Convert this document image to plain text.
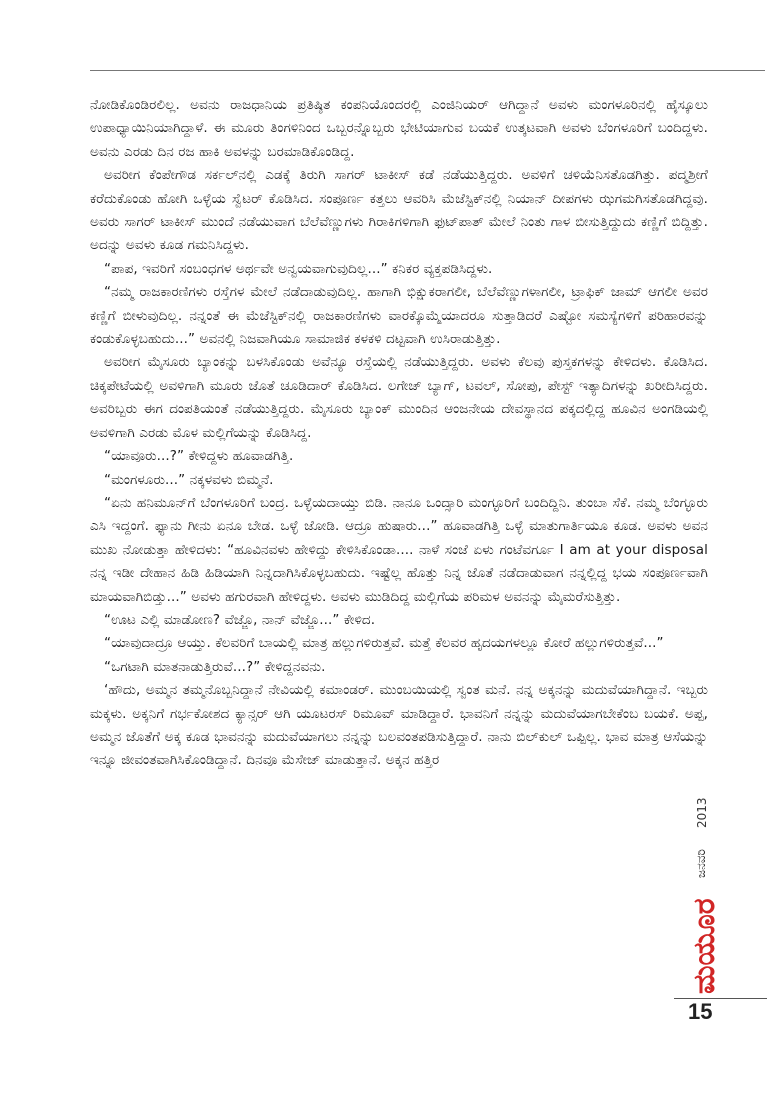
ನೋಡಿಕೊಂಡಿರಲಿಲ್ಲ. ಅವನು ರಾಜಧಾನಿಯ ಪ್ರತಿಷ್ಠಿತ ಕಂಪನಿಯೊಂದರಲ್ಲಿ ಎಂಜಿನಿಯರ್ ಆಗಿದ್ದಾನೆ ಅವಳು ಮಂಗಳೂರಿನಲ್ಲಿ ಹೈಸ್ಕೂಲು ಉಪಾಧ್ಯಾಯಿನಿಯಾಗಿದ್ದಾಳೆ. ಈ ಮೂರು ತಿಂಗಳಿನಿಂದ ಒಬ್ಬರನ್ನೊಬ್ಬರು ಭೇಟಿಯಾಗುವ ಬಯಕೆ ಉತ್ಕಟವಾಗಿ ಅವಳು ಬೆಂಗಳೂರಿಗೆ ಬಂದಿದ್ದಳು. ಅವನು ಎರಡು ದಿನ ರಜ ಹಾಕಿ ಅವಳನ್ನು ಬರಮಾಡಿಕೊಂಡಿದ್ದ.

ಅವರೀಗ ಕೆಂಪೇಗೌಡ ಸರ್ಕಲ್‌ನಲ್ಲಿ ಎಡಕ್ಕೆ ತಿರುಗಿ ಸಾಗರ್ ಟಾಕೀಸ್ ಕಡೆ ನಡೆಯುತ್ತಿದ್ದರು. ಅವಳಿಗೆ ಚಳಿಯೆನಿಸತೊಡಗಿತ್ತು. ಪದ್ಮಶ್ರೀಗೆ ಕರೆದುಕೊಂಡು ಹೋಗಿ ಒಳ್ಳೆಯ ಸ್ವೆಟರ್ ಕೊಡಿಸಿದ. ಸಂಪೂರ್ಣ ಕತ್ತಲು ಆವರಿಸಿ ಮೆಜೆಸ್ಟಿಕ್‌ನಲ್ಲಿ ನಿಯಾನ್ ದೀಪಗಳು ಝಗಮಗಿಸತೊಡಗಿದ್ದವು. ಅವರು ಸಾಗರ್ ಟಾಕೀಸ್ ಮುಂದೆ ನಡೆಯುವಾಗ ಬೆಲೆವೆಣ್ಣುಗಳು ಗಿರಾಕಿಗಳಿಗಾಗಿ ಫುಟ್‌ಪಾತ್ ಮೇಲೆ ನಿಂತು ಗಾಳ ಬೀಸುತ್ತಿದ್ದುದು ಕಣ್ಣಿಗೆ ಬಿದ್ದಿತ್ತು. ಅದನ್ನು ಅವಳು ಕೂಡ ಗಮನಿಸಿದ್ದಳು.

“ಪಾಪ, ಇವರಿಗೆ ಸಂಬಂಧಗಳ ಅರ್ಥವೇ ಅನ್ವಯವಾಗುವುದಿಲ್ಲ...” ಕನಿಕರ ವ್ಯಕ್ತಪಡಿಸಿದ್ದಳು.

“ನಮ್ಮ ರಾಜಕಾರಣಿಗಳು ರಸ್ತೆಗಳ ಮೇಲೆ ನಡೆದಾಡುವುದಿಲ್ಲ. ಹಾಗಾಗಿ ಭಿಕ್ಷುಕರಾಗಲೀ, ಬೆಲೆವೆಣ್ಣುಗಳಾಗಲೀ, ಟ್ರಾಫಿಕ್ ಜಾಮ್ ಆಗಲೀ ಅವರ ಕಣ್ಣಿಗೆ ಬೀಳುವುದಿಲ್ಲ. ನನ್ನಂತೆ ಈ ಮೆಜೆಸ್ಟಿಕ್‌ನಲ್ಲಿ ರಾಜಕಾರಣಿಗಳು ವಾರಕ್ಕೊಮ್ಮೆಯಾದರೂ ಸುತ್ತಾಡಿದರೆ ಎಷ್ಟೋ ಸಮಸ್ಯೆಗಳಿಗೆ ಪರಿಹಾರವನ್ನು ಕಂಡುಕೊಳ್ಳಬಹುದು...” ಅವನಲ್ಲಿ ನಿಜವಾಗಿಯೂ ಸಾಮಾಜಿಕ ಕಳಕಳಿ ದಟ್ಟವಾಗಿ ಉಸಿರಾಡುತ್ತಿತ್ತು.

ಅವರೀಗ ಮೈಸೂರು ಬ್ಯಾಂಕನ್ನು ಬಳಸಿಕೊಂಡು ಅವೆನ್ಯೂ ರಸ್ತೆಯಲ್ಲಿ ನಡೆಯುತ್ತಿದ್ದರು. ಅವಳು ಕೆಲವು ಪುಸ್ತಕಗಳನ್ನು ಕೇಳಿದಳು. ಕೊಡಿಸಿದ. ಚಿಕ್ಕಪೇಟೆಯಲ್ಲಿ ಅವಳಿಗಾಗಿ ಮೂರು ಜೊತೆ ಚೂಡಿದಾರ್ ಕೊಡಿಸಿದ. ಲಗೇಜ್ ಬ್ಯಾಗ್, ಟವಲ್, ಸೋಪು, ಪೇಸ್ಟ್ ಇತ್ಯಾದಿಗಳನ್ನು ಖರೀದಿಸಿದ್ದರು. ಅವರಿಬ್ಬರು ಈಗ ದಂಪತಿಯಂತೆ ನಡೆಯುತ್ತಿದ್ದರು. ಮೈಸೂರು ಬ್ಯಾಂಕ್ ಮುಂದಿನ ಆಂಜನೇಯ ದೇವಸ್ಥಾನದ ಪಕ್ಕದಲ್ಲಿದ್ದ ಹೂವಿನ ಅಂಗಡಿಯಲ್ಲಿ ಅವಳಿಗಾಗಿ ಎರಡು ಮೊಳ ಮಲ್ಲಿಗೆಯನ್ನು ಕೊಡಿಸಿದ್ದ.

“ಯಾವೂರು...?” ಕೇಳಿದ್ದಳು ಹೂವಾಡಗಿತ್ತಿ.

“ಮಂಗಳೂರು...” ನಕ್ಕಳವಳು ಬಿಮ್ಮನೆ.

“ಏನು ಹನಿಮೂನ್‌ಗೆ ಬೆಂಗಳೂರಿಗೆ ಬಂದ್ರ. ಒಳ್ಳೆಯದಾಯ್ತು ಬಿಡಿ. ನಾನೂ ಒಂದ್ಸಾರಿ ಮಂಗ್ಳೂರಿಗೆ ಬಂದಿದ್ದಿನಿ. ತುಂಬಾ ಸೆಕೆ. ನಮ್ಮ ಬೆಂಗ್ಳೂರು ಎಸಿ ಇದ್ದಂಗೆ. ಫ್ಯಾನು ಗೀನು ಏನೂ ಬೇಡ. ಒಳ್ಳೆ ಜೋಡಿ. ಆದ್ರೂ ಹುಷಾರು...” ಹೂವಾಡಗಿತ್ತಿ ಒಳ್ಳೆ ಮಾತುಗಾರ್ತಿಯೂ ಕೂಡ. ಅವಳು ಅವನ ಮುಖ ನೋಡುತ್ತಾ ಹೇಳಿದಳು: “ಹೂವಿನವಳು ಹೇಳಿದ್ದು ಕೇಳಿಸಿಕೊಂಡಾ.... ನಾಳೆ ಸಂಜೆ ಏಳು ಗಂಟೆವರ್ಗೂ I am at your disposal ನನ್ನ ಇಡೀ ದೇಹಾನ ಹಿಡಿ ಹಿಡಿಯಾಗಿ ನಿನ್ನದಾಗಿಸಿಕೊಳ್ಳಬಹುದು. ಇಷ್ಟೆಲ್ಲ ಹೊತ್ತು ನಿನ್ನ ಜೊತೆ ನಡೆದಾಡುವಾಗ ನನ್ನಲ್ಲಿದ್ದ ಭಯ ಸಂಪೂರ್ಣವಾಗಿ ಮಾಯವಾಗಿಬಿಡ್ತು...” ಅವಳು ಹಗುರವಾಗಿ ಹೇಳಿದ್ದಳು. ಅವಳು ಮುಡಿದಿದ್ದ ಮಲ್ಲಿಗೆಯ ಪರಿಮಳ ಅವನನ್ನು ಮೈಮರೆಸುತ್ತಿತ್ತು.

“ಊಟ ಎಲ್ಲಿ ಮಾಡೋಣ? ವೆಜ್ಜೊ, ನಾನ್ ವೆಜ್ಜೊ...” ಕೇಳಿದ.

“ಯಾವುದಾದ್ರೂ ಆಯ್ತು. ಕೆಲವರಿಗೆ ಬಾಯಲ್ಲಿ ಮಾತ್ರ ಹಲ್ಲುಗಳಿರುತ್ತವೆ. ಮತ್ತೆ ಕೆಲವರ ಹೃದಯಗಳಲ್ಲೂ ಕೋರೆ ಹಲ್ಲುಗಳಿರುತ್ತವೆ...”

“ಒಗಟಾಗಿ ಮಾತನಾಡುತ್ತಿರುವೆ...?” ಕೇಳಿದ್ದನವನು.

‘ಹೌದು, ಅಮ್ಮನ ತಮ್ಮನೊಬ್ಬನಿದ್ದಾನೆ ನೇವಿಯಲ್ಲಿ ಕಮಾಂಡರ್. ಮುಂಬಯಿಯಲ್ಲಿ ಸ್ವಂತ ಮನೆ. ನನ್ನ ಅಕ್ಕನನ್ನು ಮದುವೆಯಾಗಿದ್ದಾನೆ. ಇಬ್ಬರು ಮಕ್ಕಳು. ಅಕ್ಕನಿಗೆ ಗರ್ಭಕೋಶದ ಕ್ಯಾನ್ಸರ್ ಆಗಿ ಯೂಟರಸ್ ರಿಮೂವ್ ಮಾಡಿದ್ದಾರೆ. ಭಾವನಿಗೆ ನನ್ನನ್ನು ಮದುವೆಯಾಗಬೇಕೆಂಬ ಬಯಕೆ. ಅಪ್ಪ, ಅಮ್ಮನ ಜೊತೆಗೆ ಅಕ್ಕ ಕೂಡ ಭಾವನನ್ನು ಮದುವೆಯಾಗಲು ನನ್ನನ್ನು ಬಲವಂತಪಡಿಸುತ್ತಿದ್ದಾರೆ. ನಾನು ಬಿಲ್‌ಕುಲ್ ಒಪ್ಪಿಲ್ಲ. ಭಾವ ಮಾತ್ರ ಆಸೆಯನ್ನು ಇನ್ನೂ ಜೀವಂತವಾಗಿಸಿಕೊಂಡಿದ್ದಾನೆ. ದಿನವೂ ಮೆಸೇಜ್ ಮಾಡುತ್ತಾನೆ. ಅಕ್ಕನ ಹತ್ತಿರ

2013
ಜನವರಿ
ಮಯೂರ
15
